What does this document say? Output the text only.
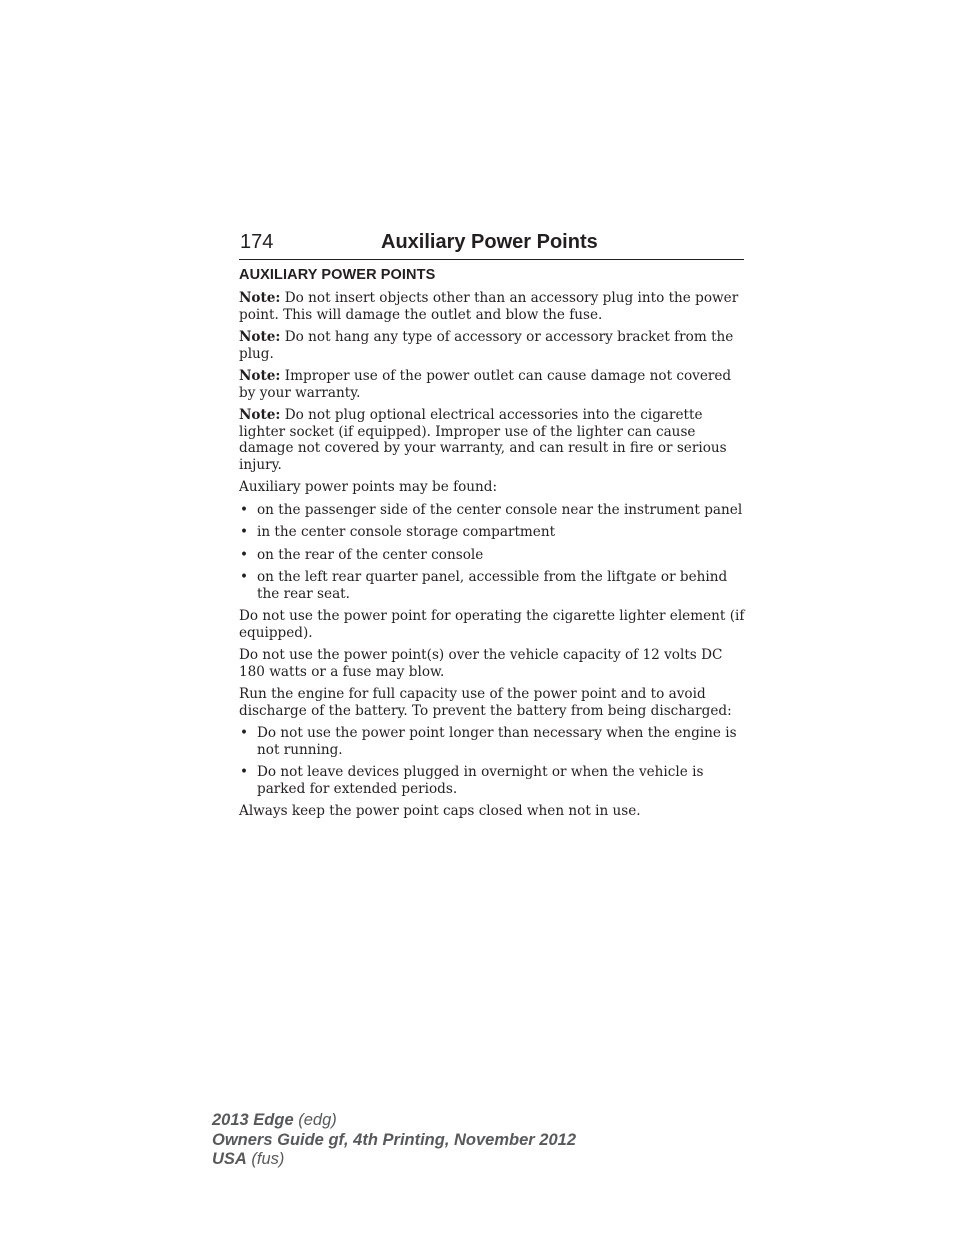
174	Auxiliary Power Points
AUXILIARY POWER POINTS

Note: Do not insert objects other than an accessory plug into the power point. This will damage the outlet and blow the fuse.

Note: Do not hang any type of accessory or accessory bracket from the plug.

Note: Improper use of the power outlet can cause damage not covered by your warranty.

Note: Do not plug optional electrical accessories into the cigarette lighter socket (if equipped). Improper use of the lighter can cause damage not covered by your warranty, and can result in fire or serious injury.

Auxiliary power points may be found:

• on the passenger side of the center console near the instrument panel
• in the center console storage compartment
• on the rear of the center console
• on the left rear quarter panel, accessible from the liftgate or behind the rear seat.

Do not use the power point for operating the cigarette lighter element (if equipped).

Do not use the power point(s) over the vehicle capacity of 12 volts DC 180 watts or a fuse may blow.

Run the engine for full capacity use of the power point and to avoid discharge of the battery. To prevent the battery from being discharged:

• Do not use the power point longer than necessary when the engine is not running.
• Do not leave devices plugged in overnight or when the vehicle is parked for extended periods.

Always keep the power point caps closed when not in use.

2013 Edge (edg)
Owners Guide gf, 4th Printing, November 2012
USA (fus)
